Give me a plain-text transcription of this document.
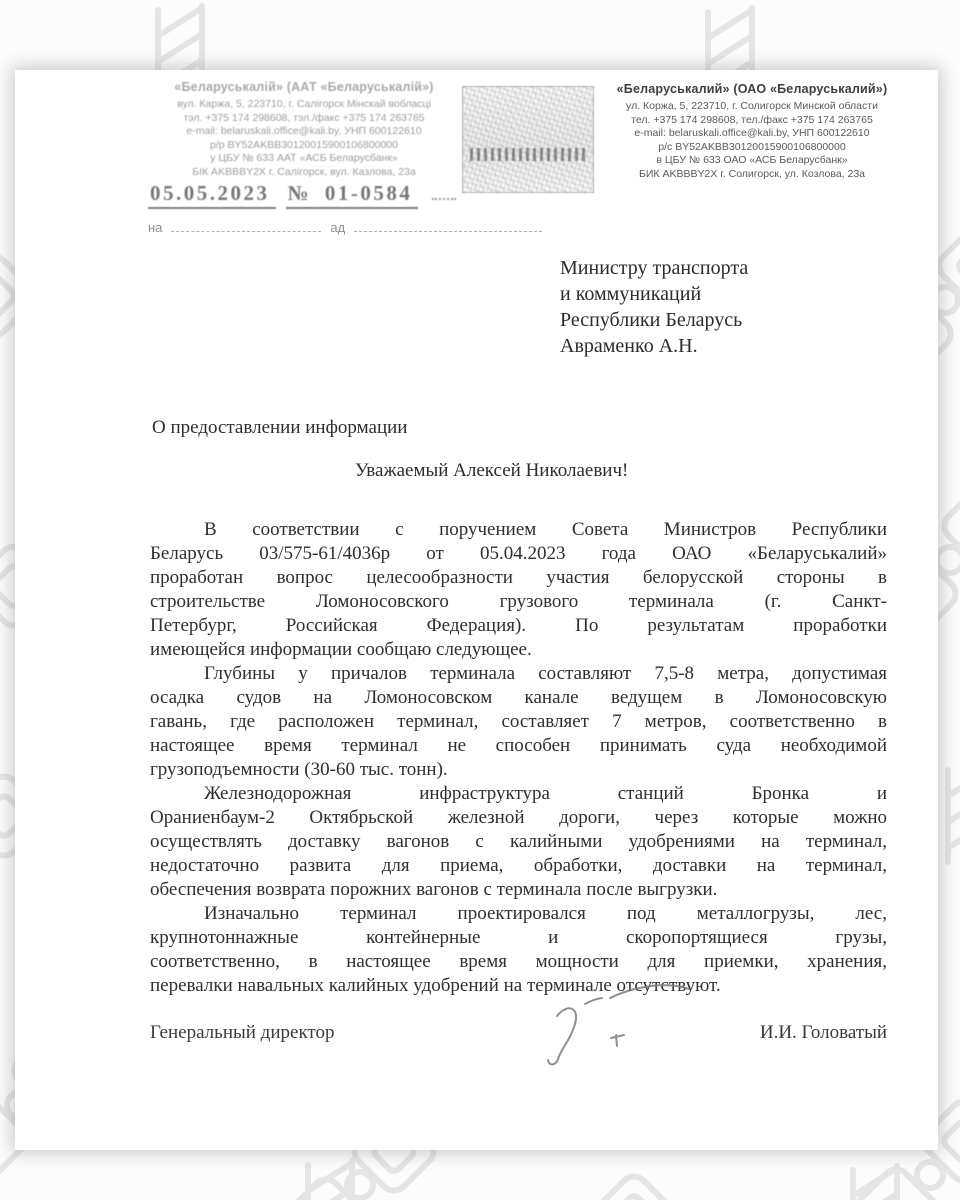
«Беларуськалій» (ААТ «Беларуськалій»)
вул. Каржа, 5, 223710, г. Салігорск Мінскай вобласці
тэл. +375 174 298608, тэл./факс +375 174 263765
e-mail: belaruskali.office@kali.by, УНП 600122610
р/р BY52AKBB30120015900106800000
у ЦБУ № 633 ААТ «АСБ Беларусбанк»
БІК AKBBBY2X г. Салігорск, вул. Казлова, 23а
«Беларуськалий» (ОАО «Беларуськалий»)
ул. Коржа, 5, 223710, г. Солигорск Минской области
тел. +375 174 298608, тел./факс +375 174 263765
e-mail: belaruskali.office@kali.by, УНП 600122610
р/с BY52AKBB30120015900106800000
в ЦБУ № 633 ОАО «АСБ Беларусбанк»
БИК AKBBBY2X г. Солигорск, ул. Козлова, 23а
05.05.2023 № 01-0584
на	ад
Министру транспорта
и коммуникаций
Республики Беларусь
Авраменко А.Н.
О предоставлении информации
Уважаемый Алексей Николаевич!
В соответствии с поручением Совета Министров Республики
Беларусь 03/575-61/4036р от 05.04.2023 года ОАО «Беларуськалий»
проработан вопрос целесообразности участия белорусской стороны в
строительстве Ломоносовского грузового терминала (г. Санкт-
Петербург, Российская Федерация). По результатам проработки
имеющейся информации сообщаю следующее.
Глубины у причалов терминала составляют 7,5-8 метра, допустимая
осадка судов на Ломоносовском канале ведущем в Ломоносовскую
гавань, где расположен терминал, составляет 7 метров, соответственно в
настоящее время терминал не способен принимать суда необходимой
грузоподъемности (30-60 тыс. тонн).
Железнодорожная инфраструктура станций Бронка и
Ораниенбаум-2 Октябрьской железной дороги, через которые можно
осуществлять доставку вагонов с калийными удобрениями на терминал,
недостаточно развита для приема, обработки, доставки на терминал,
обеспечения возврата порожних вагонов с терминала после выгрузки.
Изначально терминал проектировался под металлогрузы, лес,
крупнотоннажные контейнерные и скоропортящиеся грузы,
соответственно, в настоящее время мощности для приемки, хранения,
перевалки навальных калийных удобрений на терминале отсутствуют.
Генеральный директор	И.И. Головатый
